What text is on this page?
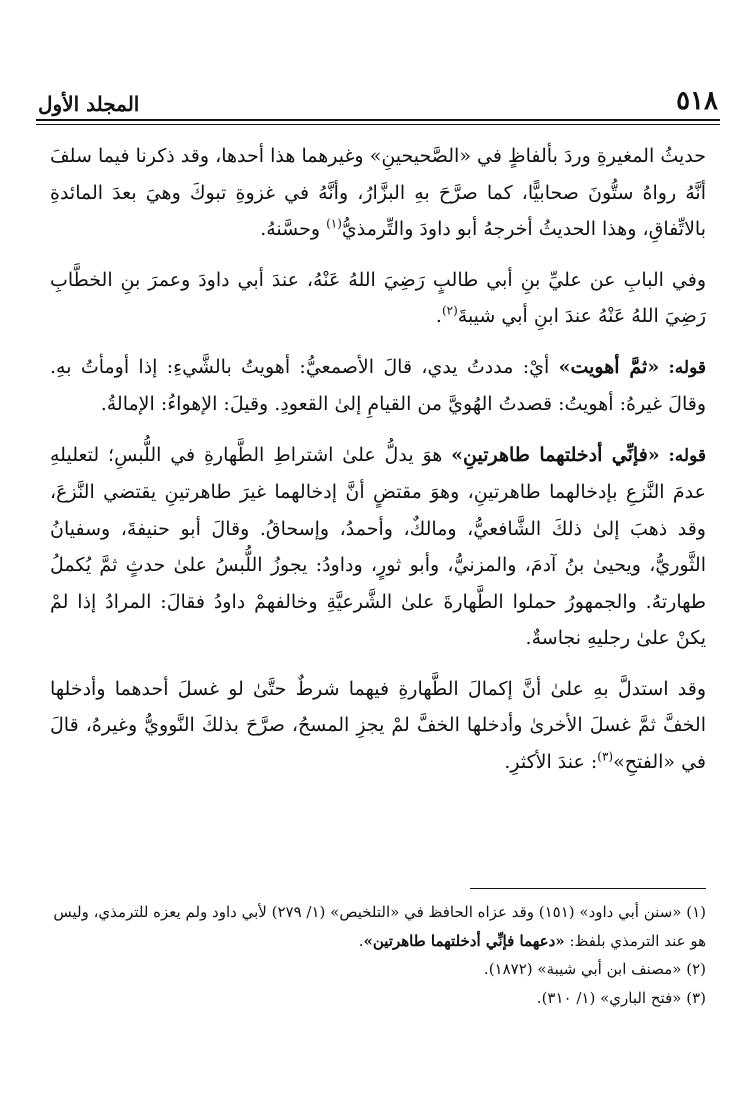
٥١٨
المجلد الأول

حديثُ المغيرةِ وردَ بألفاظٍ في «الصَّحيحينِ» وغيرهما هذا أحدها، وقد ذكرنا فيما سلفَ أنَّهُ رواهُ ستُّونَ صحابيًّا، كما صرَّحَ بهِ البزَّارُ، وأنَّهُ في غزوةِ تبوكَ وهيَ بعدَ المائدةِ بالاتِّفاقِ، وهذا الحديثُ أخرجهُ أبو داودَ والتِّرمذيُّ$^{(١)}$ وحسَّنهُ.

وفي البابِ عن عليِّ بنِ أبي طالبٍ رَضِيَ اللهُ عَنْهُ، عندَ أبي داودَ وعمرَ بنِ الخطَّابِ رَضِيَ اللهُ عَنْهُ عندَ ابنِ أبي شيبةَ$^{(٢)}$.

قوله: «ثمَّ أهويت» أيْ: مددتُ يدي، قالَ الأصمعيُّ: أهويتُ بالشَّيءِ: إذا أومأتُ بهِ. وقالَ غيرهُ: أهويتُ: قصدتُ الهُويَّ من القيامِ إلىٰ القعودِ. وقيلَ: الإهواءُ: الإمالةُ.

قوله: «فإنِّي أدخلتهما طاهرتينِ» هوَ يدلُّ علىٰ اشتراطِ الطَّهارةِ في اللُّبسِ؛ لتعليلهِ عدمَ النَّزعِ بإدخالهما طاهرتينِ، وهوَ مقتضٍ أنَّ إدخالهما غيرَ طاهرتينِ يقتضي النَّزعَ، وقد ذهبَ إلىٰ ذلكَ الشَّافعيُّ، ومالكٌ، وأحمدُ، وإسحاقُ. وقالَ أبو حنيفةَ، وسفيانُ الثَّوريُّ، ويحيىٰ بنُ آدمَ، والمزنيُّ، وأبو ثورٍ، وداودُ: يجوزُ اللُّبسُ علىٰ حدثٍ ثمَّ يُكملُ طهارتهُ. والجمهورُ حملوا الطَّهارةَ علىٰ الشَّرعيَّةِ وخالفهمْ داودُ فقالَ: المرادُ إذا لمْ يكنْ علىٰ رجليهِ نجاسةٌ.

وقد استدلَّ بهِ علىٰ أنَّ إكمالَ الطَّهارةِ فيهما شرطٌ حتَّىٰ لو غسلَ أحدهما وأدخلها الخفَّ ثمَّ غسلَ الأخرىٰ وأدخلها الخفَّ لمْ يجزِ المسحُ، صرَّحَ بذلكَ النَّوويُّ وغيرهُ، قالَ في «الفتحِ»$^{(٣)}$: عندَ الأكثرِ.

(١) «سنن أبي داود» (١٥١) وقد عزاه الحافظ في «التلخيص» (١/ ٢٧٩) لأبي داود ولم يعزه للترمذي، وليس هو عند الترمذي بلفظ: «دعهما فإنِّي أدخلتهما طاهرتين».

(٢) «مصنف ابن أبي شيبة» (١٨٧٢).

(٣) «فتح الباري» (١/ ٣١٠).
